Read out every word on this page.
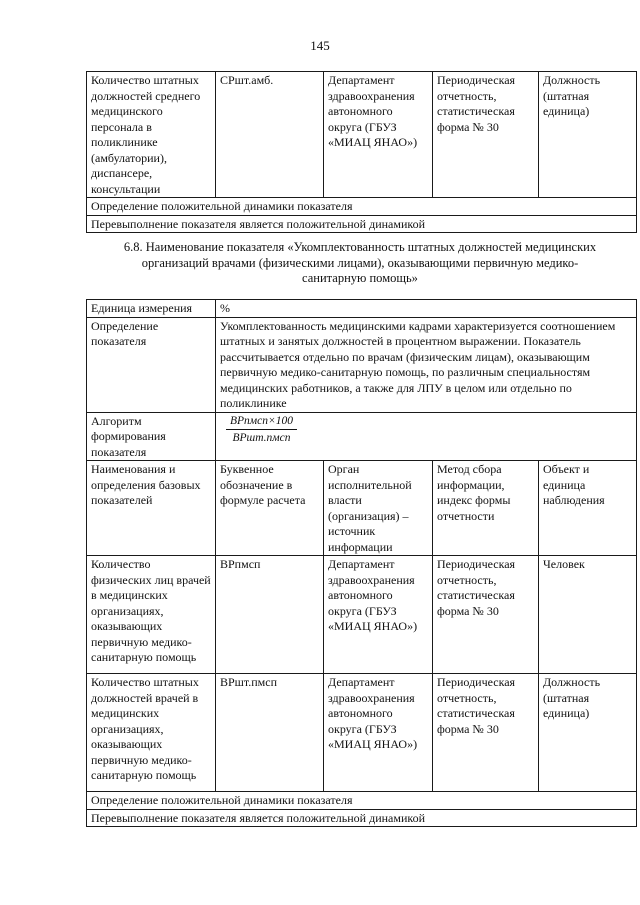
145
Количество штатных должностей среднего медицинского персонала в поликлинике (амбулатории), диспансере, консультации	СРшт.амб.	Департамент здравоохранения автономного округа (ГБУЗ «МИАЦ ЯНАО»)	Периодическая отчетность, статистическая форма № 30	Должность (штатная единица)
Определение положительной динамики показателя
Перевыполнение показателя является положительной динамикой
6.8. Наименование показателя «Укомплектованность штатных должностей медицинских организаций врачами (физическими лицами), оказывающими первичную медико-санитарную помощь»
Единица измерения	%			
Определение показателя	Укомплектованность медицинскими кадрами характеризуется соотношением штатных и занятых должностей в процентном выражении. Показатель рассчитывается отдельно по врачам (физическим лицам), оказывающим первичную медико-санитарную помощь, по различным специальностям медицинских работников, а также для ЛПУ в целом или отдельно по поликлинике			
Алгоритм формирования показателя	$\frac{\text{ВРпмсп×100}}{\text{ВРшт.пмсп}}$

Наименования и определения базовых показателей	Буквенное обозначение в формуле расчета	Орган исполнительной власти (организация) – источник информации	Метод сбора информации, индекс формы отчетности	Объект и единица наблюдения
Количество физических лиц врачей в медицинских организациях, оказывающих первичную медико-санитарную помощь	ВРпмсп	Департамент здравоохранения автономного округа (ГБУЗ «МИАЦ ЯНАО»)	Периодическая отчетность, статистическая форма № 30	Человек
Количество штатных должностей врачей в медицинских организациях, оказывающих первичную медико-санитарную помощь	ВРшт.пмсп	Департамент здравоохранения автономного округа (ГБУЗ «МИАЦ ЯНАО»)	Периодическая отчетность, статистическая форма № 30	Должность (штатная единица)
Определение положительной динамики показателя				
Перевыполнение показателя является положительной динамикой				
